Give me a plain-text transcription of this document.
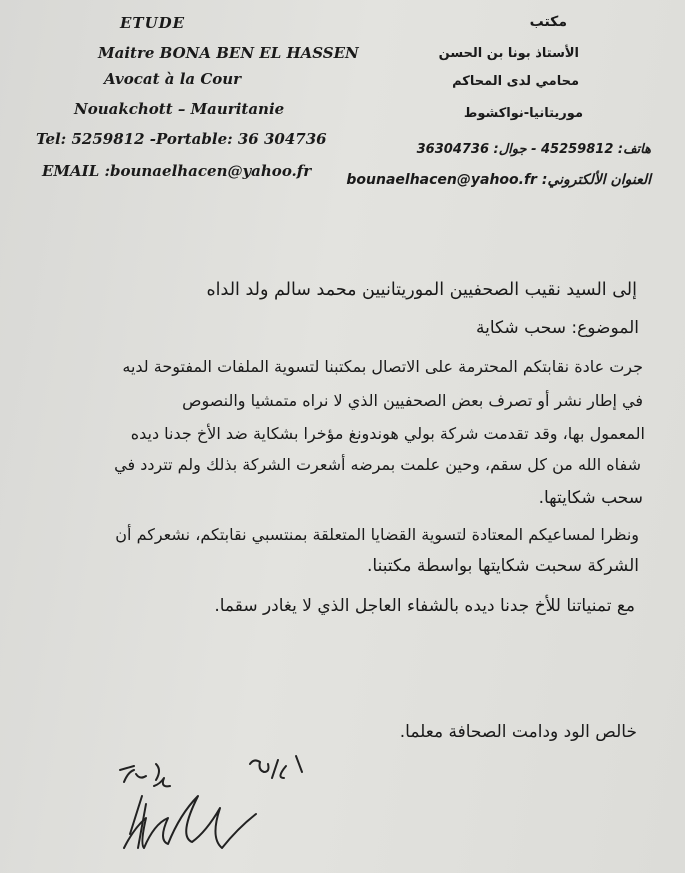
ETUDE
Maitre BONA BEN EL HASSEN
Avocat à la Cour
Nouakchott – Mauritanie
Tel: 5259812 -Portable: 36 304736
EMAIL :bounaelhacen@yahoo.fr
مكتب
الأستاذ بونا بن الحسن
محامي لدى المحاكم
موريتانيا-نواكشوط
هاتف: 45259812 - جوال: 36304736
العنوان الألكتروني: bounaelhacen@yahoo.fr
إلى السيد نقيب الصحفيين الموريتانيين محمد سالم ولد الداه
الموضوع: سحب شكاية
جرت عادة نقابتكم المحترمة على الاتصال بمكتبنا لتسوية الملفات المفتوحة لديه
في إطار نشر أو تصرف بعض الصحفيين الذي لا نراه متمشيا والنصوص
المعمول بها، وقد تقدمت شركة بولي هوندونغ مؤخرا بشكاية ضد الأخ جدنا ديده
شفاه الله من كل سقم، وحين علمت بمرضه أشعرت الشركة بذلك ولم تتردد في
سحب شكايتها.
ونظرا لمساعيكم المعتادة لتسوية القضايا المتعلقة بمنتسبي نقابتكم، نشعركم أن
الشركة سحبت شكايتها بواسطة مكتبنا.
مع تمنياتنا للأخ جدنا ديده بالشفاء العاجل الذي لا يغادر سقما.
خالص الود ودامت الصحافة معلما.
